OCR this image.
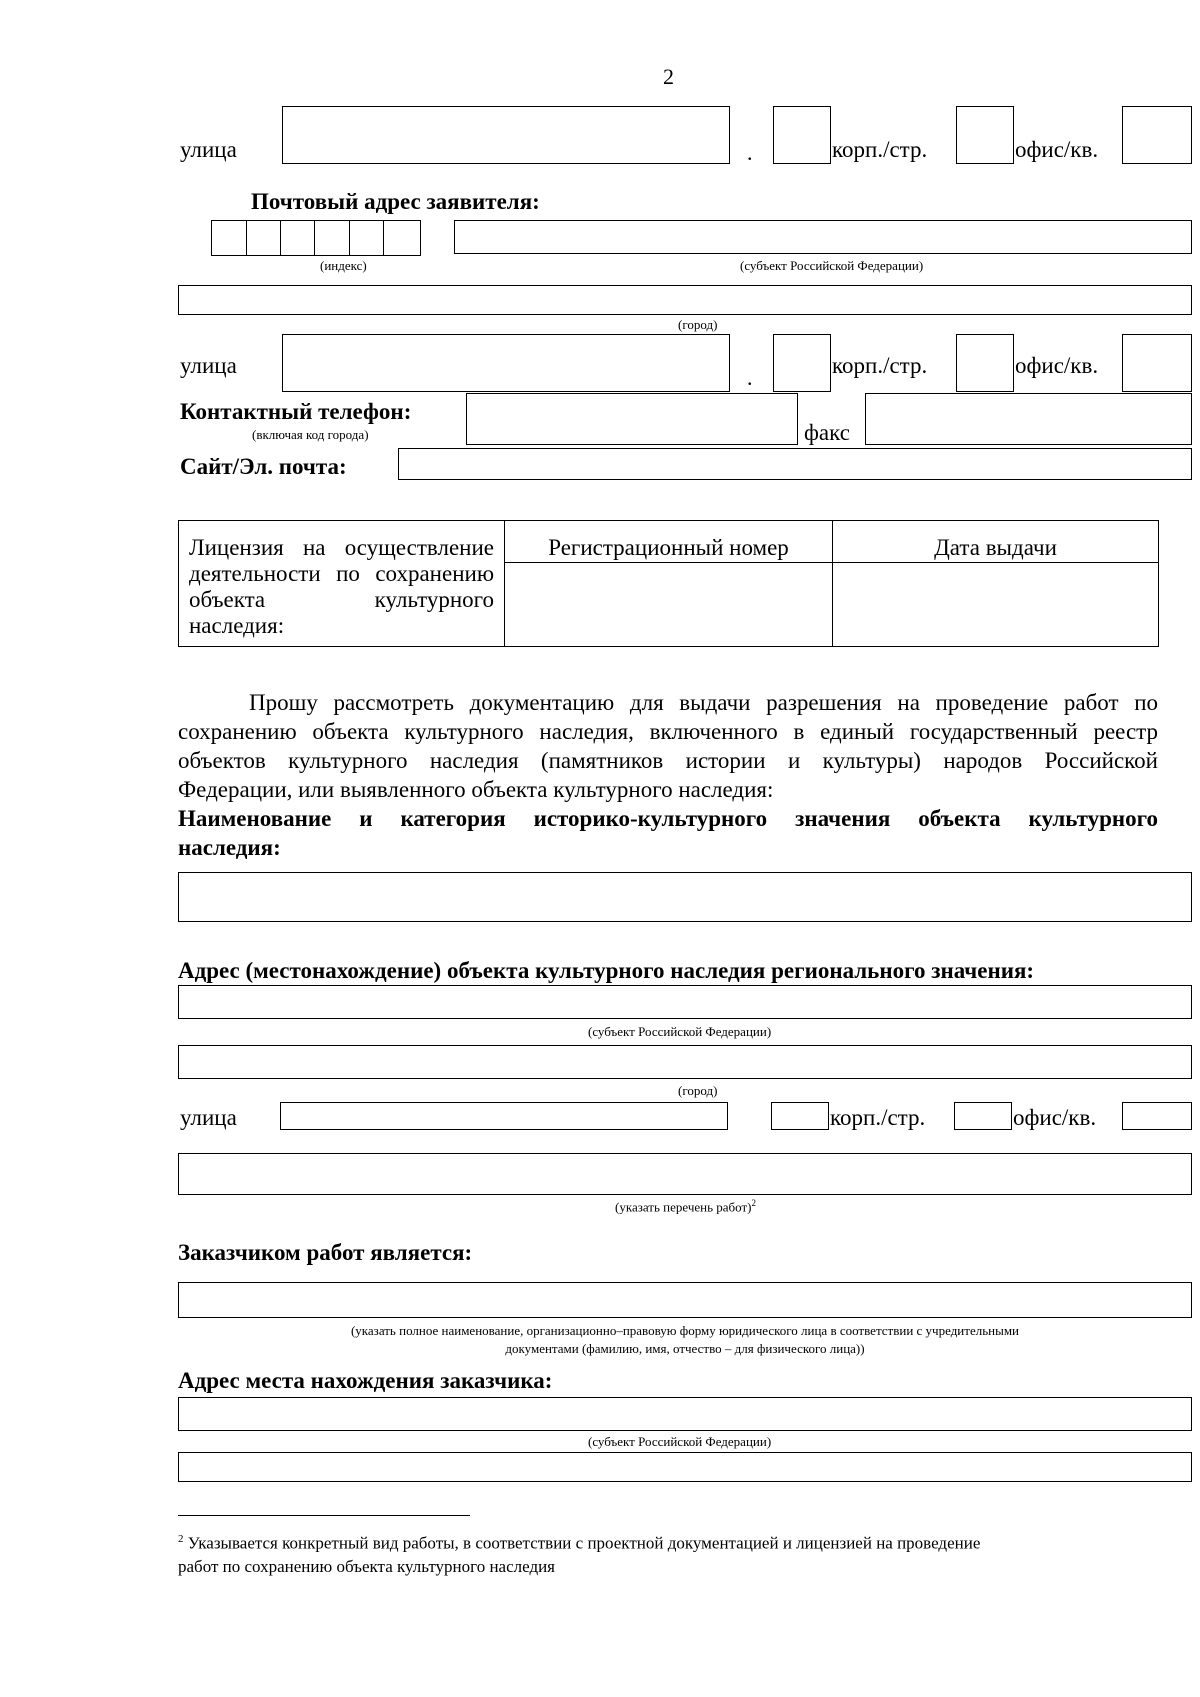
2
улица	.	корп./стр.	офис/кв.
Почтовый адрес заявителя:
(индекс)	(субъект Российской Федерации)
(город)
улица	.	корп./стр.	офис/кв.
Контактный телефон:
(включая код города)	факс
Сайт/Эл. почта:
Лицензия на осуществление
деятельности по сохранению
объекта культурного
наследия:	Регистрационный номер	Дата выдачи

Прошу рассмотреть документацию для выдачи разрешения на проведение работ по
сохранению объекта культурного наследия, включенного в единый государственный реестр
объектов культурного наследия (памятников истории и культуры) народов Российской
Федерации, или выявленного объекта культурного наследия:
Наименование и категория историко-культурного значения объекта культурного
наследия:
Адрес (местонахождение) объекта культурного наследия регионального значения:
(субъект Российской Федерации)
(город)
улица	корп./стр.	офис/кв.
(указать перечень работ)$^2$
Заказчиком работ является:
(указать полное наименование, организационно–правовую форму юридического лица в соответствии с учредительными
документами (фамилию, имя, отчество – для физического лица))
Адрес места нахождения заказчика:
(субъект Российской Федерации)
$^2$ Указывается конкретный вид работы, в соответствии с проектной документацией и лицензией на проведение
работ по сохранению объекта культурного наследия
